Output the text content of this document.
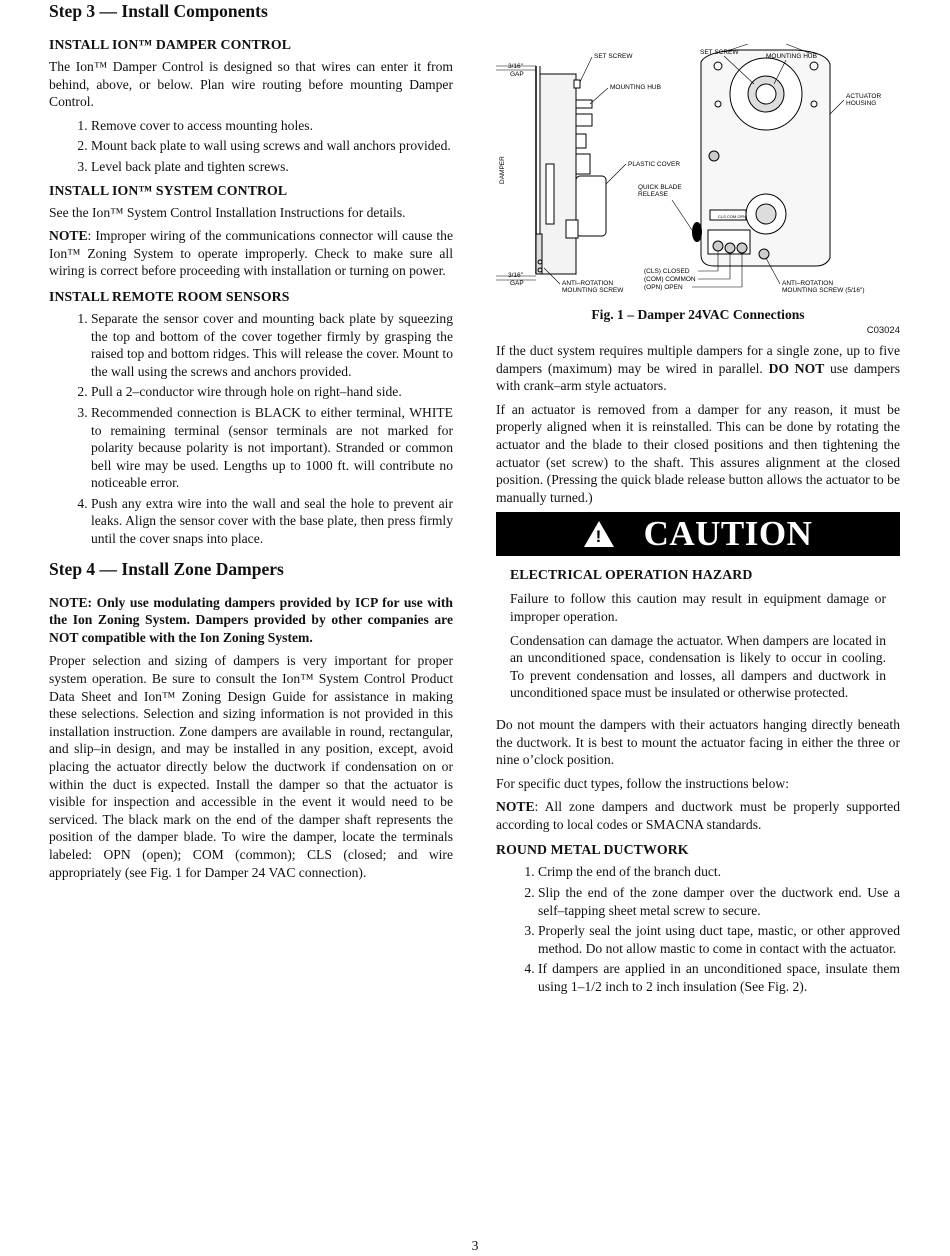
Step 3 — Install Components
INSTALL ION™ DAMPER CONTROL

The Ion™ Damper Control is designed so that wires can enter it from behind, above, or below. Plan wire routing before mounting Damper Control.

1. Remove cover to access mounting holes.
2. Mount back plate to wall using screws and wall anchors provided.
3. Level back plate and tighten screws.
INSTALL ION™ SYSTEM CONTROL

See the Ion™ System Control Installation Instructions for details.

NOTE: Improper wiring of the communications connector will cause the Ion™ Zoning System to operate improperly. Check to make sure all wiring is correct before proceeding with installation or turning on power.

INSTALL REMOTE ROOM SENSORS
1. Separate the sensor cover and mounting back plate by squeezing the top and bottom of the cover together firmly by grasping the raised top and bottom ridges. This will release the cover. Mount to the wall using the screws and anchors provided.
2. Pull a 2–conductor wire through hole on right–hand side.
3. Recommended connection is BLACK to either terminal, WHITE to remaining terminal (sensor terminals are not marked for polarity because polarity is not important). Stranded or common bell wire may be used. Lengths up to 1000 ft. will contribute no noticeable error.
4. Push any extra wire into the wall and seal the hole to prevent air leaks. Align the sensor cover with the base plate, then press firmly until the cover snaps into place.
Step 4 — Install Zone Dampers

NOTE: Only use modulating dampers provided by ICP for use with the Ion Zoning System. Dampers provided by other companies are NOT compatible with the Ion Zoning System.

Proper selection and sizing of dampers is very important for proper system operation. Be sure to consult the Ion™ System Control Product Data Sheet and Ion™ Zoning Design Guide for assistance in making these selections. Selection and sizing information is not provided in this installation instruction. Zone dampers are available in round, rectangular, and slip–in design, and may be installed in any position, except, avoid placing the actuator directly below the ductwork if condensation on or within the duct is expected. Install the damper so that the actuator is visible for inspection and accessible in the event it would need to be serviced. The black mark on the end of the damper shaft represents the position of the damper blade. To wire the damper, locate the terminals labeled: OPN (open); COM (common); CLS (closed; and wire appropriately (see Fig. 1 for Damper 24 VAC connection).

3/16"
GAP
3/16"
GAP
DAMPER
SET SCREW
MOUNTING HUB
PLASTIC COVER
QUICK BLADE
RELEASE
ANTI–ROTATION
MOUNTING SCREW
CLS COM OPN
SET SCREW
MOUNTING HUB
ACTUATOR
HOUSING
(CLS) CLOSED
(COM) COMMON
(OPN) OPEN
ANTI–ROTATION
MOUNTING SCREW (5/16")
Fig. 1 – Damper 24VAC Connections
C03024

If the duct system requires multiple dampers for a single zone, up to five dampers (maximum) may be wired in parallel. DO NOT use dampers with crank–arm style actuators.

If an actuator is removed from a damper for any reason, it must be properly aligned when it is reinstalled. This can be done by rotating the actuator and the blade to their closed positions and then tightening the actuator (set screw) to the shaft. This assures alignment at the closed position. (Pressing the quick blade release button allows the actuator to be manually turned.)

! CAUTION
ELECTRICAL OPERATION HAZARD

Failure to follow this caution may result in equipment damage or improper operation.

Condensation can damage the actuator. When dampers are located in an unconditioned space, condensation is likely to occur in cooling. To prevent condensation and losses, all dampers and ductwork in unconditioned space must be insulated or otherwise protected.

Do not mount the dampers with their actuators hanging directly beneath the ductwork. It is best to mount the actuator facing in either the three or nine o’clock position.

For specific duct types, follow the instructions below:

NOTE: All zone dampers and ductwork must be properly supported according to local codes or SMACNA standards.

ROUND METAL DUCTWORK
1. Crimp the end of the branch duct.
2. Slip the end of the zone damper over the ductwork end. Use a self–tapping sheet metal screw to secure.
3. Properly seal the joint using duct tape, mastic, or other approved method. Do not allow mastic to come in contact with the actuator.
4. If dampers are applied in an unconditioned space, insulate them using 1–1/2 inch to 2 inch insulation (See Fig. 2).
3
